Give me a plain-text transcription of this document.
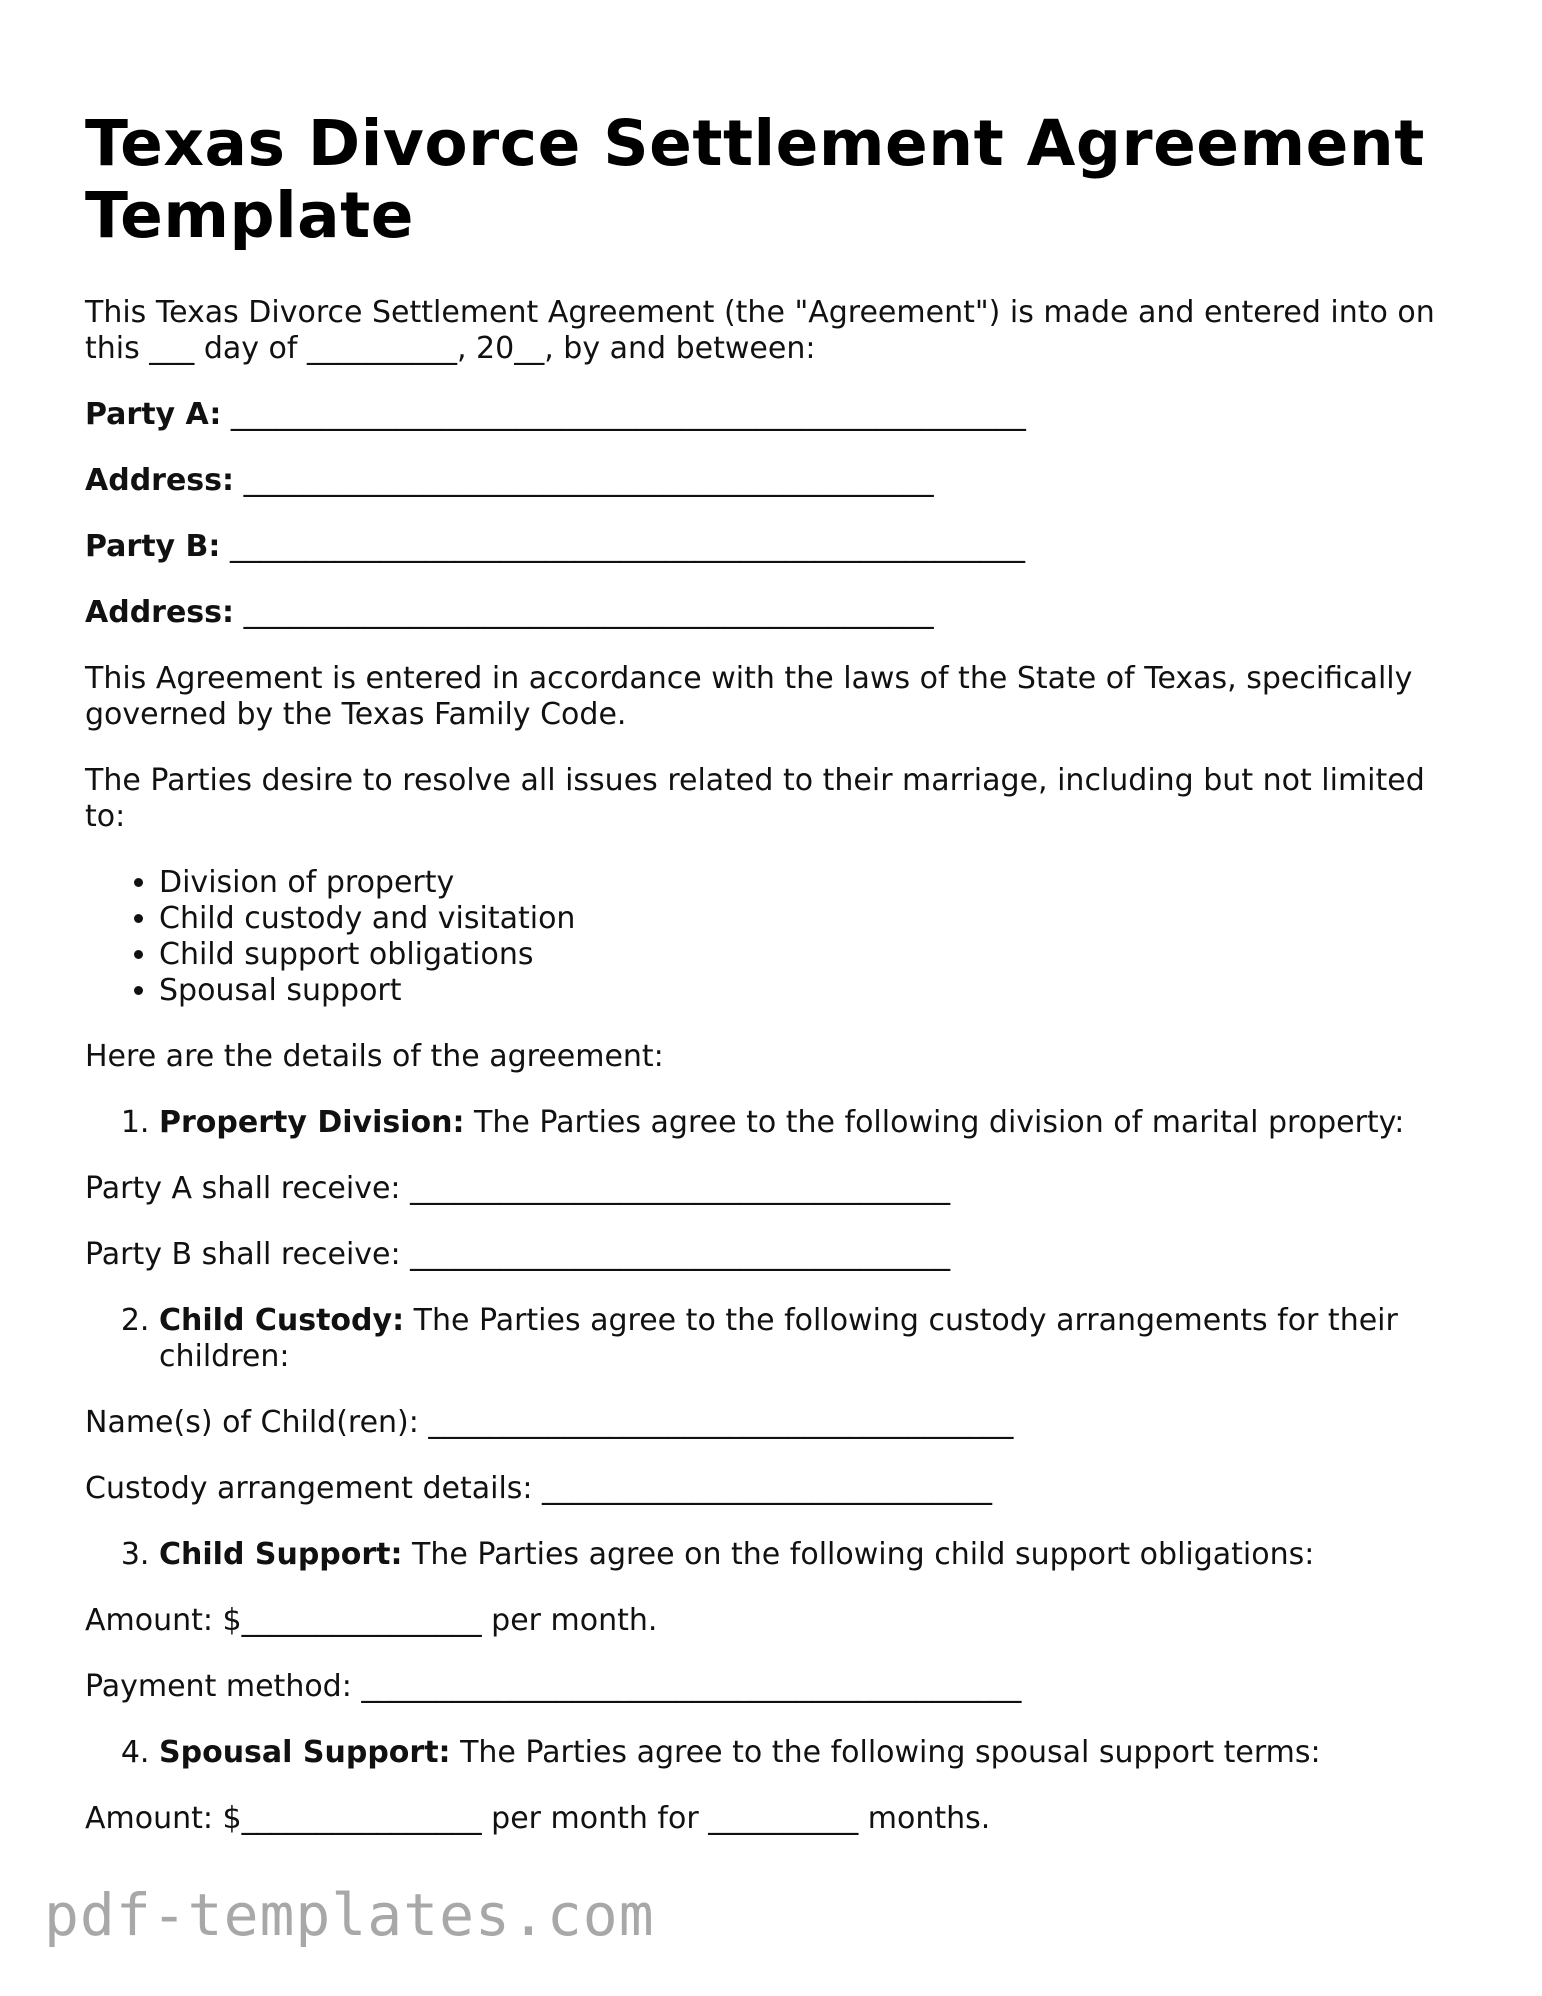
Texas Divorce Settlement Agreement Template

This Texas Divorce Settlement Agreement (the "Agreement") is made and entered into on this ___ day of __________, 20__, by and between:

Party A: _____________________________________________________
Address: ______________________________________________
Party B: _____________________________________________________
Address: ______________________________________________

This Agreement is entered in accordance with the laws of the State of Texas, specifically governed by the Texas Family Code.

The Parties desire to resolve all issues related to their marriage, including but not limited to:

• Division of property
• Child custody and visitation
• Child support obligations
• Spousal support

Here are the details of the agreement:

1. Property Division: The Parties agree to the following division of marital property:

Party A shall receive: ____________________________________

Party B shall receive: ____________________________________

2. Child Custody: The Parties agree to the following custody arrangements for their children:

Name(s) of Child(ren): _______________________________________

Custody arrangement details: ______________________________

3. Child Support: The Parties agree on the following child support obligations:

Amount: $________________ per month.

Payment method: ____________________________________________

4. Spousal Support: The Parties agree to the following spousal support terms:

Amount: $________________ per month for __________ months.

pdf-templates.com
